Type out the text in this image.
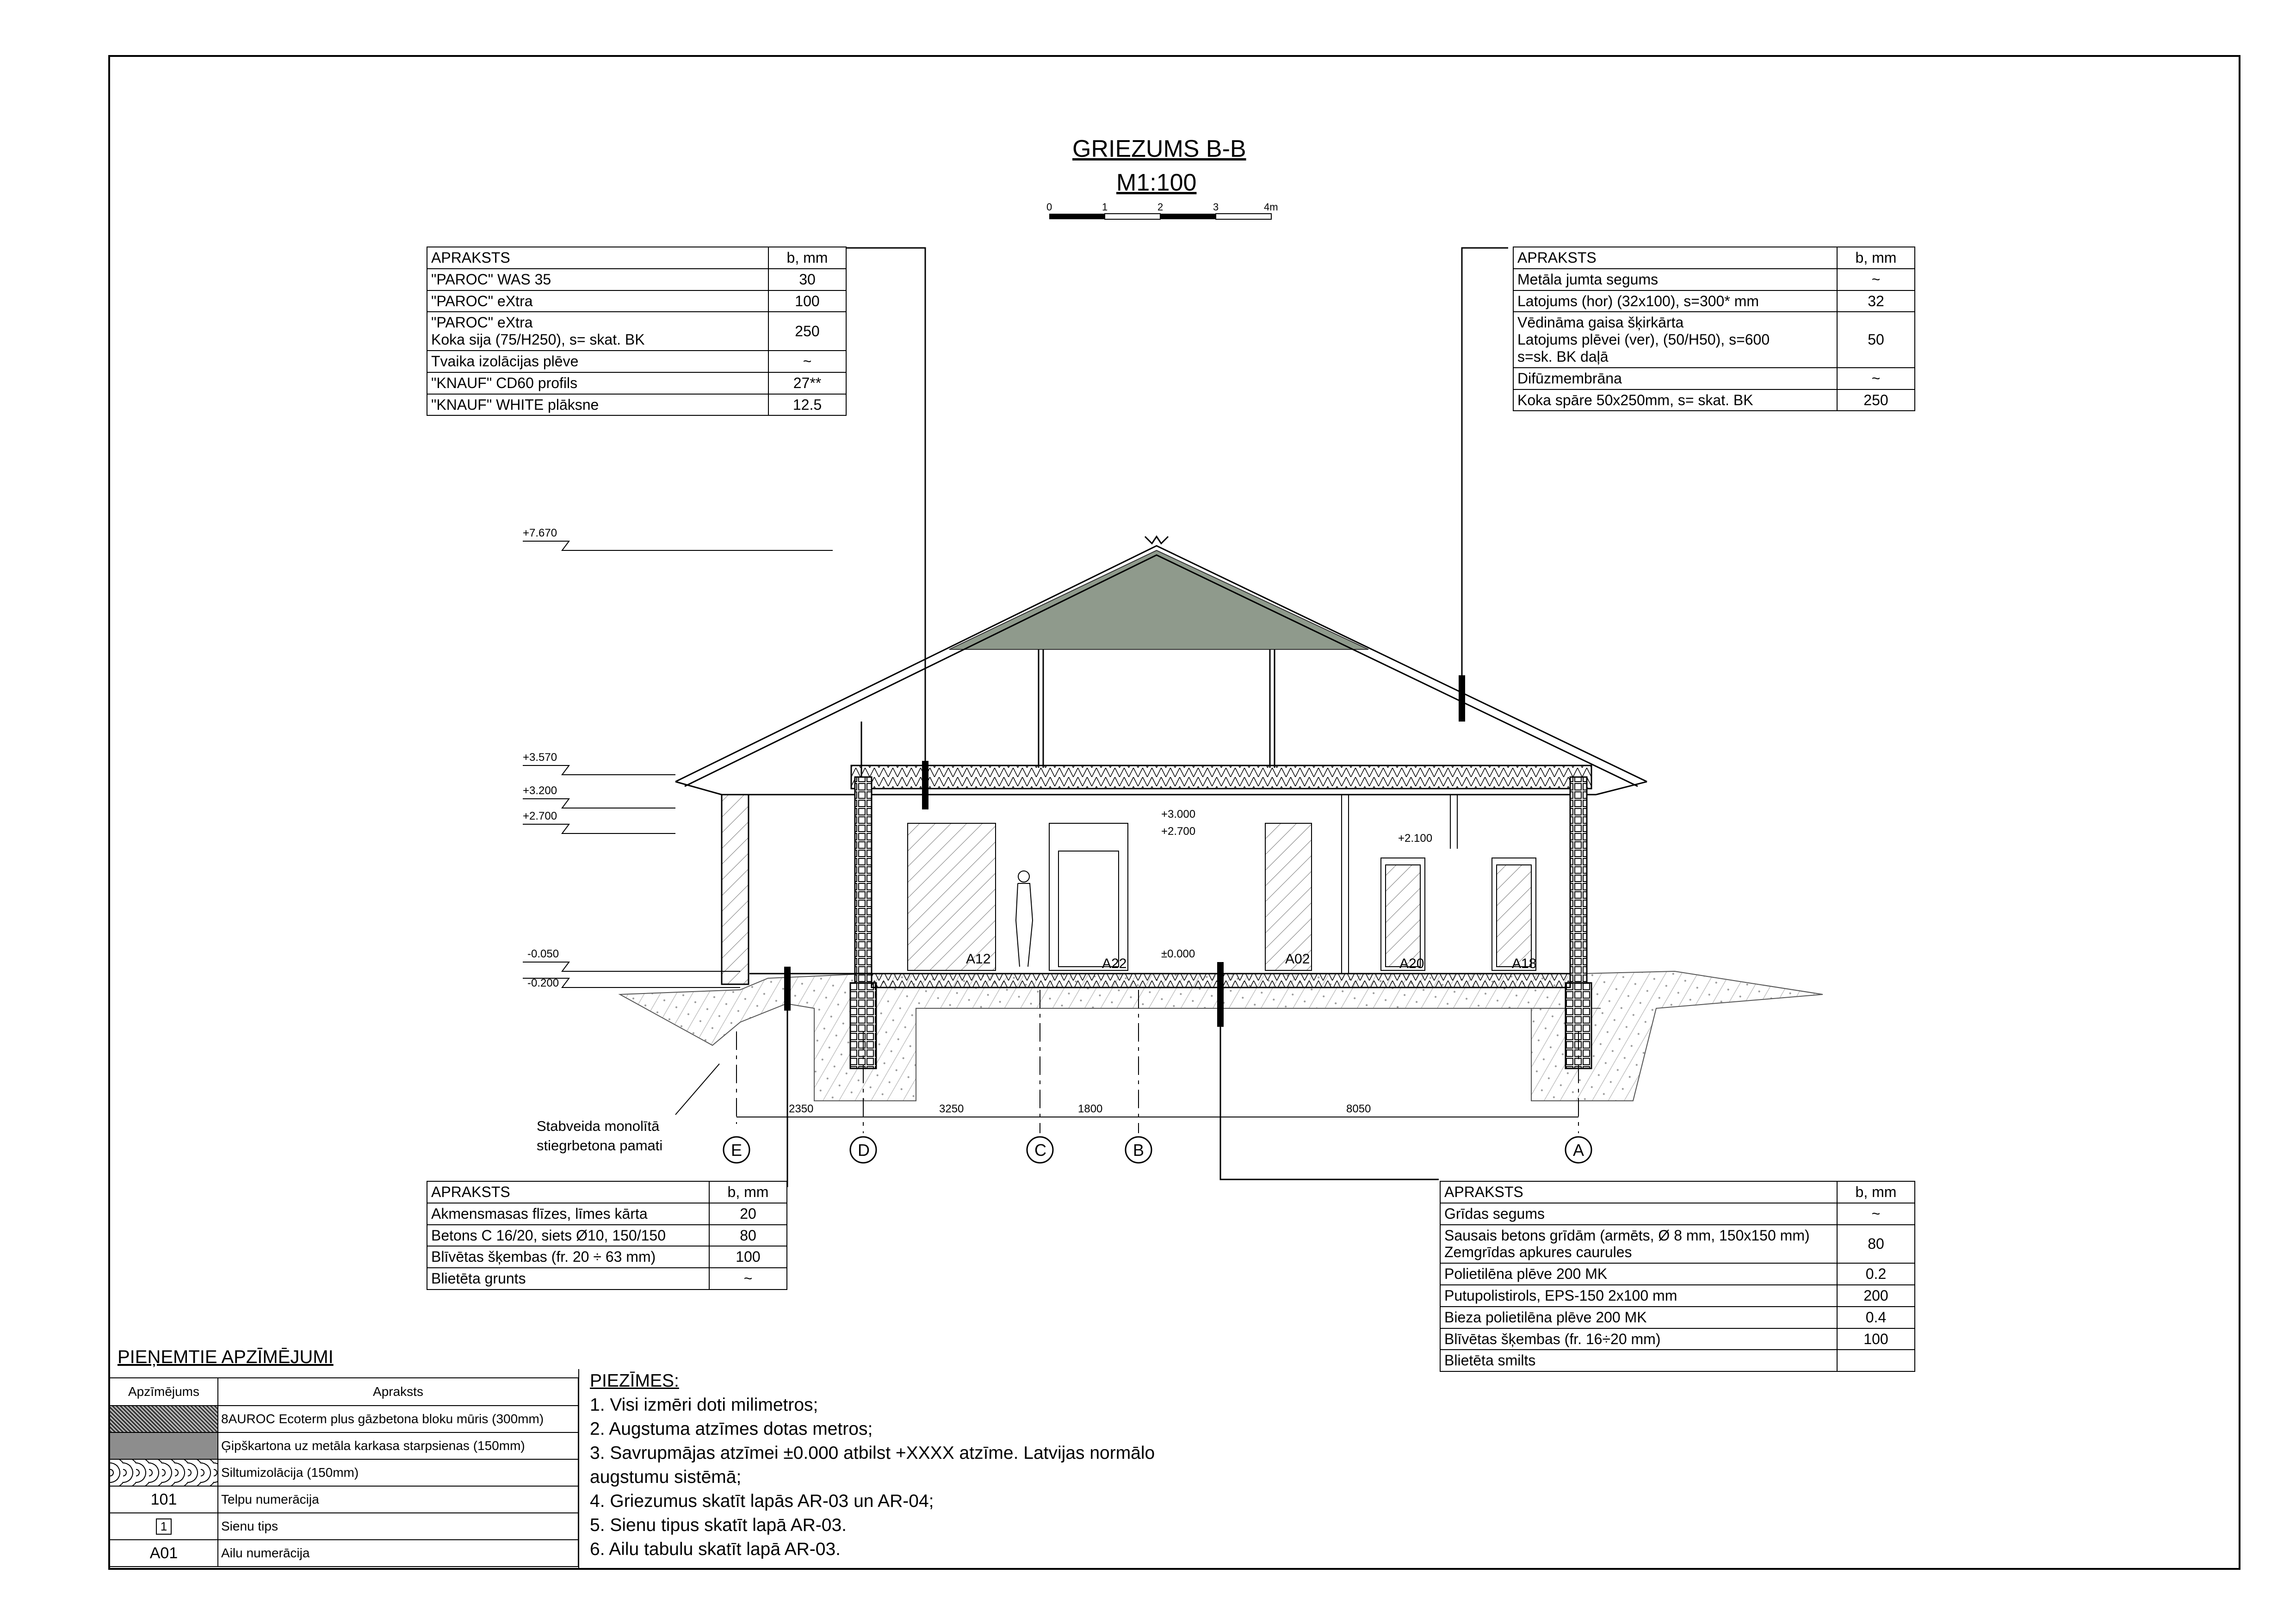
0	1	2	3	4m
+7.670
+3.570
+3.200
+2.700
-0.050
-0.200
+3.000
+2.700
+2.100
±0.000
A12	A22	A02	A20	A18
2350	3250	1800	8050
E	D	C	B	A
Stabveida monolītā stiegrbetona pamati
GRIEZUMS B-B
M1:100
APRAKSTS	b, mm
"PAROC" WAS 35	30
"PAROC" eXtra	100
"PAROC" eXtra
Koka sija (75/H250), s= skat. BK	250
Tvaika izolācijas plēve	~
"KNAUF" CD60 profils	27**
"KNAUF" WHITE plāksne	12.5
APRAKSTS	b, mm
Metāla jumta segums	~
Latojums (hor) (32x100), s=300* mm	32
Vēdināma gaisa šķirkārta
Latojums plēvei (ver), (50/H50), s=600
s=sk. BK daļā	50
Difūzmembrāna	~
Koka spāre 50x250mm, s= skat. BK	250
APRAKSTS	b, mm
Akmensmasas flīzes, līmes kārta	20
Betons C 16/20, siets Ø10, 150/150	80
Blīvētas šķembas (fr. 20 ÷ 63 mm)	100
Blietēta grunts	~
APRAKSTS	b, mm
Grīdas segums	~
Sausais betons grīdām (armēts, Ø 8 mm, 150x150 mm)
Zemgrīdas apkures caurules	80
Polietilēna plēve 200 MK	0.2
Putupolistirols, EPS-150 2x100 mm	200
Bieza polietilēna plēve 200 MK	0.4
Blīvētas šķembas (fr. 16÷20 mm)	100
Blietēta smilts	
PIEŅEMTIE APZĪMĒJUMI
Apzīmējums	Apraksts
	8AUROC Ecoterm plus gāzbetona bloku mūris (300mm)
	Ģipškartona uz metāla karkasa starpsienas (150mm)
	Siltumizolācija (150mm)
101	Telpu numerācija
1	Sienu tips
A01	Ailu numerācija
PIEZĪMES:
1. Visi izmēri doti milimetros;
2. Augstuma atzīmes dotas metros;
3. Savrupmājas atzīmei ±0.000 atbilst +XXXX atzīme. Latvijas normālo augstumu sistēmā;
4. Griezumus skatīt lapās AR-03 un AR-04;
5. Sienu tipus skatīt lapā AR-03.
6. Ailu tabulu skatīt lapā AR-03.
